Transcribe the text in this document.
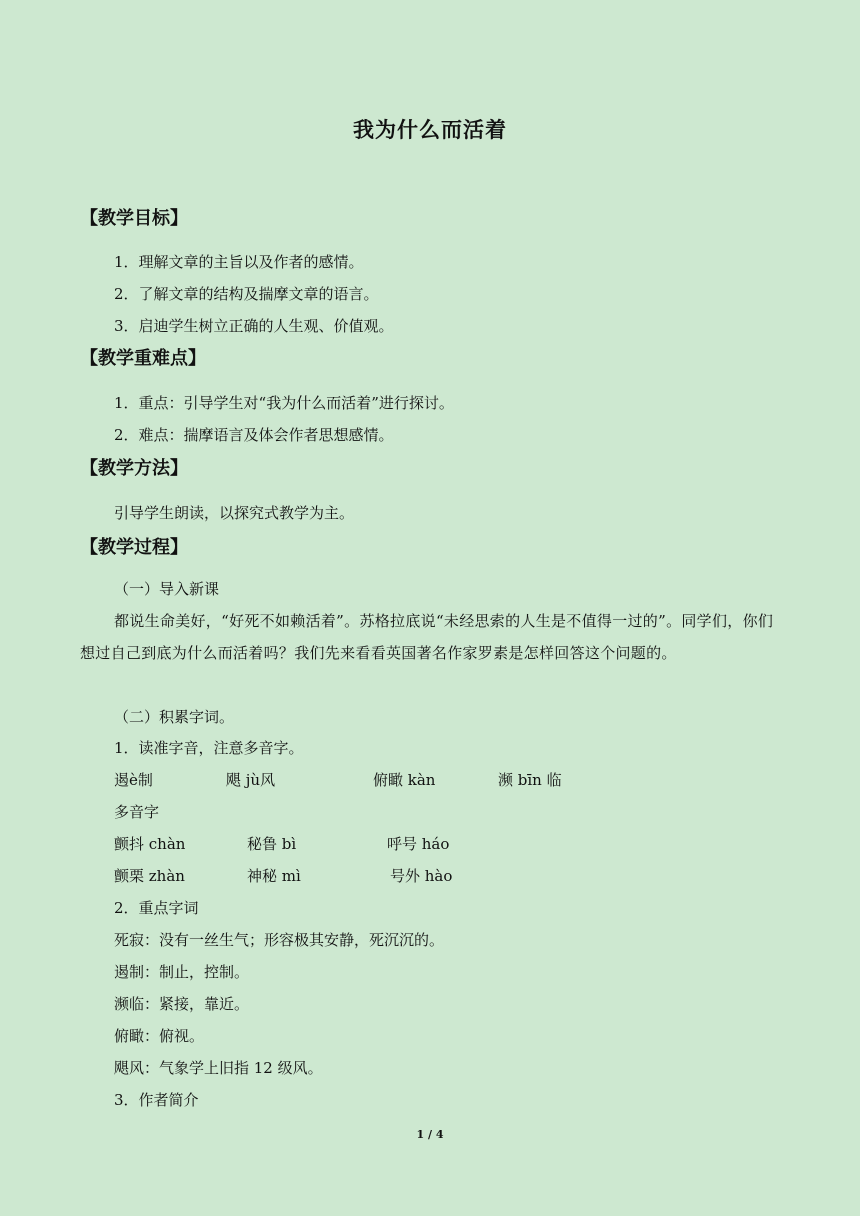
我为什么而活着
【教学目标】
1．理解文章的主旨以及作者的感情。
2．了解文章的结构及揣摩文章的语言。
3．启迪学生树立正确的人生观、价值观。
【教学重难点】
1．重点：引导学生对“我为什么而活着”进行探讨。
2．难点：揣摩语言及体会作者思想感情。
【教学方法】
引导学生朗读，以探究式教学为主。
【教学过程】
（一）导入新课
都说生命美好，“好死不如赖活着”。苏格拉底说“未经思索的人生是不值得一过的”。同学们，你们想过自己到底为什么而活着吗？我们先来看看英国著名作家罗素是怎样回答这个问题的。
（二）积累字词。
1．读准字音，注意多音字。
遏è制	飓 jù风	俯瞰 kàn	濒 bīn 临
多音字
颤抖 chàn	秘鲁 bì	呼号 háo
颤栗 zhàn	神秘 mì	号外 hào
2．重点字词
死寂：没有一丝生气；形容极其安静，死沉沉的。
遏制：制止，控制。
濒临：紧接，靠近。
俯瞰：俯视。
飓风：气象学上旧指 12 级风。
3．作者简介
1 / 4
